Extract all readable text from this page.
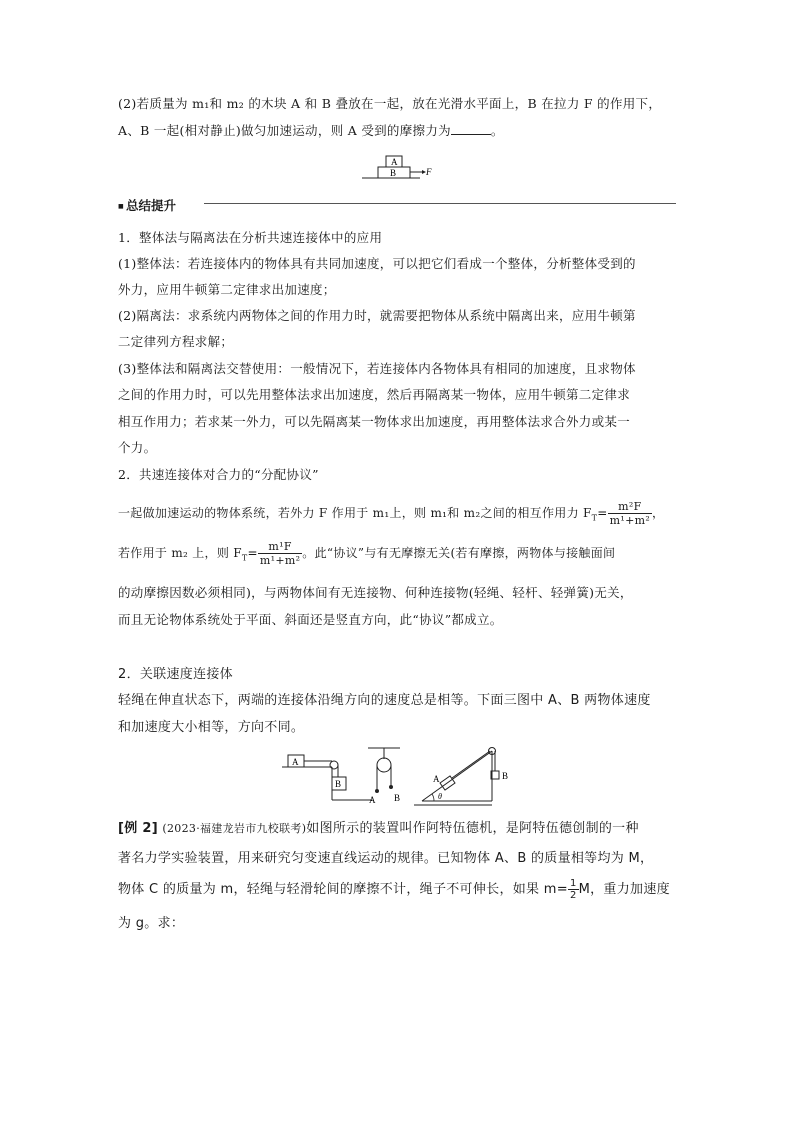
(2)若质量为 m₁和 m₂ 的木块 A 和 B 叠放在一起，放在光滑水平面上，B 在拉力 F 的作用下，
A、B 一起(相对静止)做匀加速运动，则 A 受到的摩擦力为	。
A
B	F
■ 总结提升
1．整体法与隔离法在分析共速连接体中的应用
(1)整体法：若连接体内的物体具有共同加速度，可以把它们看成一个整体，分析整体受到的
外力，应用牛顿第二定律求出加速度；
(2)隔离法：求系统内两物体之间的作用力时，就需要把物体从系统中隔离出来，应用牛顿第
二定律列方程求解；
(3)整体法和隔离法交替使用：一般情况下，若连接体内各物体具有相同的加速度，且求物体
之间的作用力时，可以先用整体法求出加速度，然后再隔离某一物体，应用牛顿第二定律求
相互作用力；若求某一外力，可以先隔离某一物体求出加速度，再用整体法求合外力或某一
个力。
2．共速连接体对合力的“分配协议”
一起做加速运动的物体系统，若外力 F 作用于 m₁上，则 m₁和 m₂之间的相互作用力 $F_T= \frac{\text{m²F}}{\text{m¹+m²}}$ ，
若作用于 m₂ 上，则 $F_T= \frac{\text{m¹F}}{\text{m¹+m²}}$ 。此“协议”与有无摩擦无关(若有摩擦，两物体与接触面间
的动摩擦因数必须相同)，与两物体间有无连接物、何种连接物(轻绳、轻杆、轻弹簧)无关，
而且无论物体系统处于平面、斜面还是竖直方向，此“协议”都成立。
2．关联速度连接体
轻绳在伸直状态下，两端的连接体沿绳方向的速度总是相等。下面三图中 A、B 两物体速度
和加速度大小相等，方向不同。
A
B
A B
A	B
θ
[例 2] (2023·福建龙岩市九校联考)如图所示的装置叫作阿特伍德机，是阿特伍德创制的一种
著名力学实验装置，用来研究匀变速直线运动的规律。已知物体 A、B 的质量相等均为 M，
物体 C 的质量为 m，轻绳与轻滑轮间的摩擦不计，绳子不可伸长，如果 $m= \frac{1}{2}$ M，重力加速度
为 g。求：
